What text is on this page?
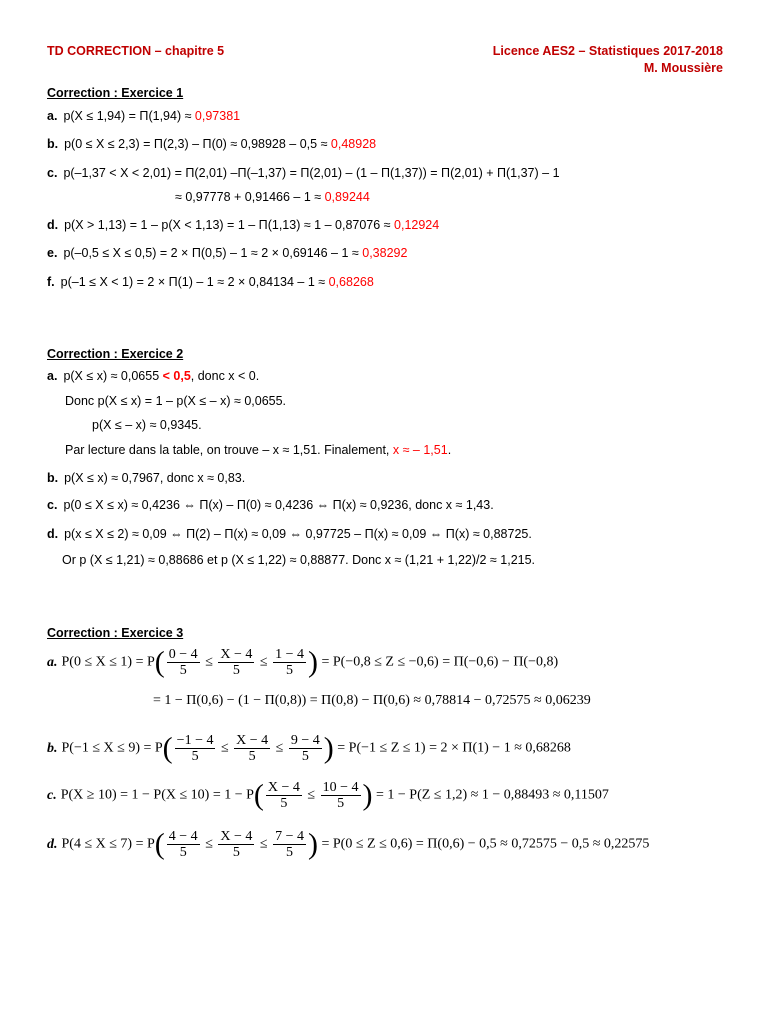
TD CORRECTION – chapitre 5	Licence AES2 – Statistiques 2017-2018
M. Moussière
Correction : Exercice 1
a. p(X ≤ 1,94) = Π(1,94) ≈ 0,97381
b. p(0 ≤ X ≤ 2,3) = Π(2,3) – Π(0) ≈ 0,98928 – 0,5 ≈ 0,48928
c. p(–1,37 < X < 2,01) = Π(2,01) –Π(–1,37) = Π(2,01) – (1 – Π(1,37)) = Π(2,01) + Π(1,37) – 1
≈ 0,97778 + 0,91466 – 1 ≈ 0,89244
d. p(X > 1,13) = 1 – p(X < 1,13) = 1 – Π(1,13) ≈ 1 – 0,87076 ≈ 0,12924
e. p(–0,5 ≤ X ≤ 0,5) = 2 × Π(0,5) – 1 ≈ 2 × 0,69146 – 1 ≈ 0,38292
f. p(–1 ≤ X < 1) = 2 × Π(1) – 1 ≈ 2 × 0,84134 – 1 ≈ 0,68268
Correction : Exercice 2
a. p(X ≤ x) ≈ 0,0655 < 0,5, donc x < 0.
Donc p(X ≤ x) = 1 – p(X ≤ – x) ≈ 0,0655.
p(X ≤ – x) ≈ 0,9345.
Par lecture dans la table, on trouve – x ≈ 1,51. Finalement, x ≈ – 1,51.
b. p(X ≤ x) ≈ 0,7967, donc x ≈ 0,83.
c. p(0 ≤ X ≤ x) ≈ 0,4236 ⇔ Π(x) – Π(0) ≈ 0,4236 ⇔ Π(x) ≈ 0,9236, donc x ≈ 1,43.
d. p(x ≤ X ≤ 2) ≈ 0,09 ⇔ Π(2) – Π(x) ≈ 0,09 ⇔ 0,97725 – Π(x) ≈ 0,09 ⇔ Π(x) ≈ 0,88725.
Or p (X ≤ 1,21) ≈ 0,88686 et p (X ≤ 1,22) ≈ 0,88877. Donc x ≈ (1,21 + 1,22)/2 ≈ 1,215.
Correction : Exercice 3
a. $P(0 \le X \le 1) = P( \frac{0 - 4}{5} \le \frac{X - 4}{5} \le \frac{1 - 4}{5}$ ) = P(−0,8 ≤ Z ≤ −0,6) = Π(−0,6) − Π(−0,8)
= 1 − Π(0,6) − (1 − Π(0,8)) = Π(0,8) − Π(0,6) ≈ 0,78814 − 0,72575 ≈ 0,06239
b. $P(-1 \le X \le 9) = P( \frac{-1 - 4}{5} \le \frac{X - 4}{5} \le \frac{9 - 4}{5}$ ) = P(−1 ≤ Z ≤ 1) = 2 × Π(1) − 1 ≈ 0,68268
c. $P(X \ge 10) = 1 - P(X \le 10) = 1 - P( \frac{X - 4}{5} \le \frac{10 - 4}{5}$ ) = 1 − P(Z ≤ 1,2) ≈ 1 − 0,88493 ≈ 0,11507
d. $P(4 \le X \le 7) = P( \frac{4 - 4}{5} \le \frac{X - 4}{5} \le \frac{7 - 4}{5}$ ) = P(0 ≤ Z ≤ 0,6) = Π(0,6) − 0,5 ≈ 0,72575 − 0,5 ≈ 0,22575
